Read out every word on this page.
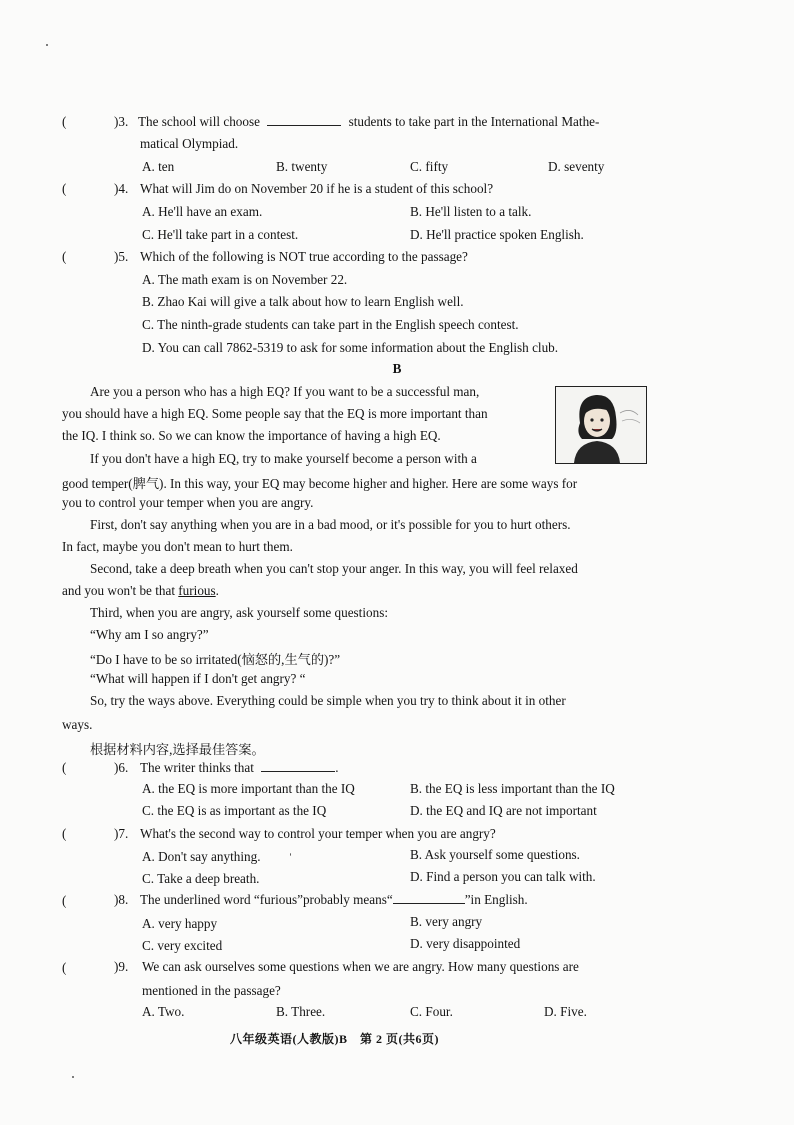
(	)3. The school will choose	students to take part in the International Mathe-
matical Olympiad.
A. ten	B. twenty	C. fifty	D. seventy
(	)4. What will Jim do on November 20 if he is a student of this school?
A. He'll have an exam.	B. He'll listen to a talk.
C. He'll take part in a contest.	D. He'll practice spoken English.
(	)5. Which of the following is NOT true according to the passage?
A. The math exam is on November 22.
B. Zhao Kai will give a talk about how to learn English well.
C. The ninth-grade students can take part in the English speech contest.
D. You can call 7862-5319 to ask for some information about the English club.
B
Are you a person who has a high EQ? If you want to be a successful man,
you should have a high EQ. Some people say that the EQ is more important than
the IQ. I think so. So we can know the importance of having a high EQ.
If you don't have a high EQ, try to make yourself become a person with a
good temper(脾气). In this way, your EQ may become higher and higher. Here are some ways for
you to control your temper when you are angry.
First, don't say anything when you are in a bad mood, or it's possible for you to hurt others.
In fact, maybe you don't mean to hurt them.
Second, take a deep breath when you can't stop your anger. In this way, you will feel relaxed
and you won't be that furious.
Third, when you are angry, ask yourself some questions:
“Why am I so angry?”
“Do I have to be so irritated(恼怒的,生气的)?”
“What will happen if I don't get angry? “
So, try the ways above. Everything could be simple when you try to think about it in other
ways.
根据材料内容,选择最佳答案。
(	)6. The writer thinks that	.
A. the EQ is more important than the IQ	B. the EQ is less important than the IQ
C. the EQ is as important as the IQ	D. the EQ and IQ are not important
(	)7. What's the second way to control your temper when you are angry?
A. Don't say anything.	B. Ask yourself some questions.
C. Take a deep breath.	D. Find a person you can talk with.
(	)8. The underlined word “furious”probably means“	”in English.
A. very happy	B. very angry
C. very excited	D. very disappointed
(	)9. We can ask ourselves some questions when we are angry. How many questions are
mentioned in the passage?
A. Two.	B. Three.	C. Four.	D. Five.
八年级英语(人教版)B　第 2 页(共6页)
